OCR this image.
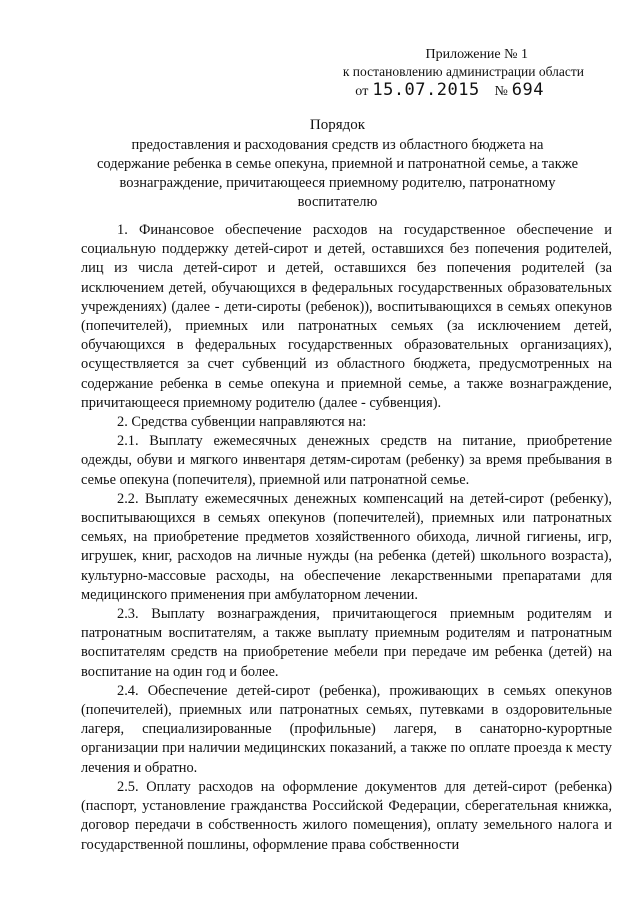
Приложение № 1
к постановлению администрации области
от 15.07.2015 № 694
Порядок
предоставления и расходования средств из областного бюджета на
содержание ребенка в семье опекуна, приемной и патронатной семье, а также
вознаграждение, причитающееся приемному родителю, патронатному
воспитателю

1. Финансовое обеспечение расходов на государственное обеспечение и социальную поддержку детей-сирот и детей, оставшихся без попечения родителей, лиц из числа детей-сирот и детей, оставшихся без попечения родителей (за исключением детей, обучающихся в федеральных государственных образовательных учреждениях) (далее - дети-сироты (ребенок)), воспитывающихся в семьях опекунов (попечителей), приемных или патронатных семьях (за исключением детей, обучающихся в федеральных государственных образовательных организациях), осуществляется за счет субвенций из областного бюджета, предусмотренных на содержание ребенка в семье опекуна и приемной семье, а также вознаграждение, причитающееся приемному родителю (далее - субвенция).

2. Средства субвенции направляются на:

2.1. Выплату ежемесячных денежных средств на питание, приобретение одежды, обуви и мягкого инвентаря детям-сиротам (ребенку) за время пребывания в семье опекуна (попечителя), приемной или патронатной семье.

2.2. Выплату ежемесячных денежных компенсаций на детей-сирот (ребенку), воспитывающихся в семьях опекунов (попечителей), приемных или патронатных семьях, на приобретение предметов хозяйственного обихода, личной гигиены, игр, игрушек, книг, расходов на личные нужды (на ребенка (детей) школьного возраста), культурно-массовые расходы, на обеспечение лекарственными препаратами для медицинского применения при амбулаторном лечении.

2.3. Выплату вознаграждения, причитающегося приемным родителям и патронатным воспитателям, а также выплату приемным родителям и патронатным воспитателям средств на приобретение мебели при передаче им ребенка (детей) на воспитание на один год и более.

2.4. Обеспечение детей-сирот (ребенка), проживающих в семьях опекунов (попечителей), приемных или патронатных семьях, путевками в оздоровительные лагеря, специализированные (профильные) лагеря, в санаторно-курортные организации при наличии медицинских показаний, а также по оплате проезда к месту лечения и обратно.

2.5. Оплату расходов на оформление документов для детей-сирот (ребенка) (паспорт, установление гражданства Российской Федерации, сберегательная книжка, договор передачи в собственность жилого помещения), оплату земельного налога и государственной пошлины, оформление права собственности
